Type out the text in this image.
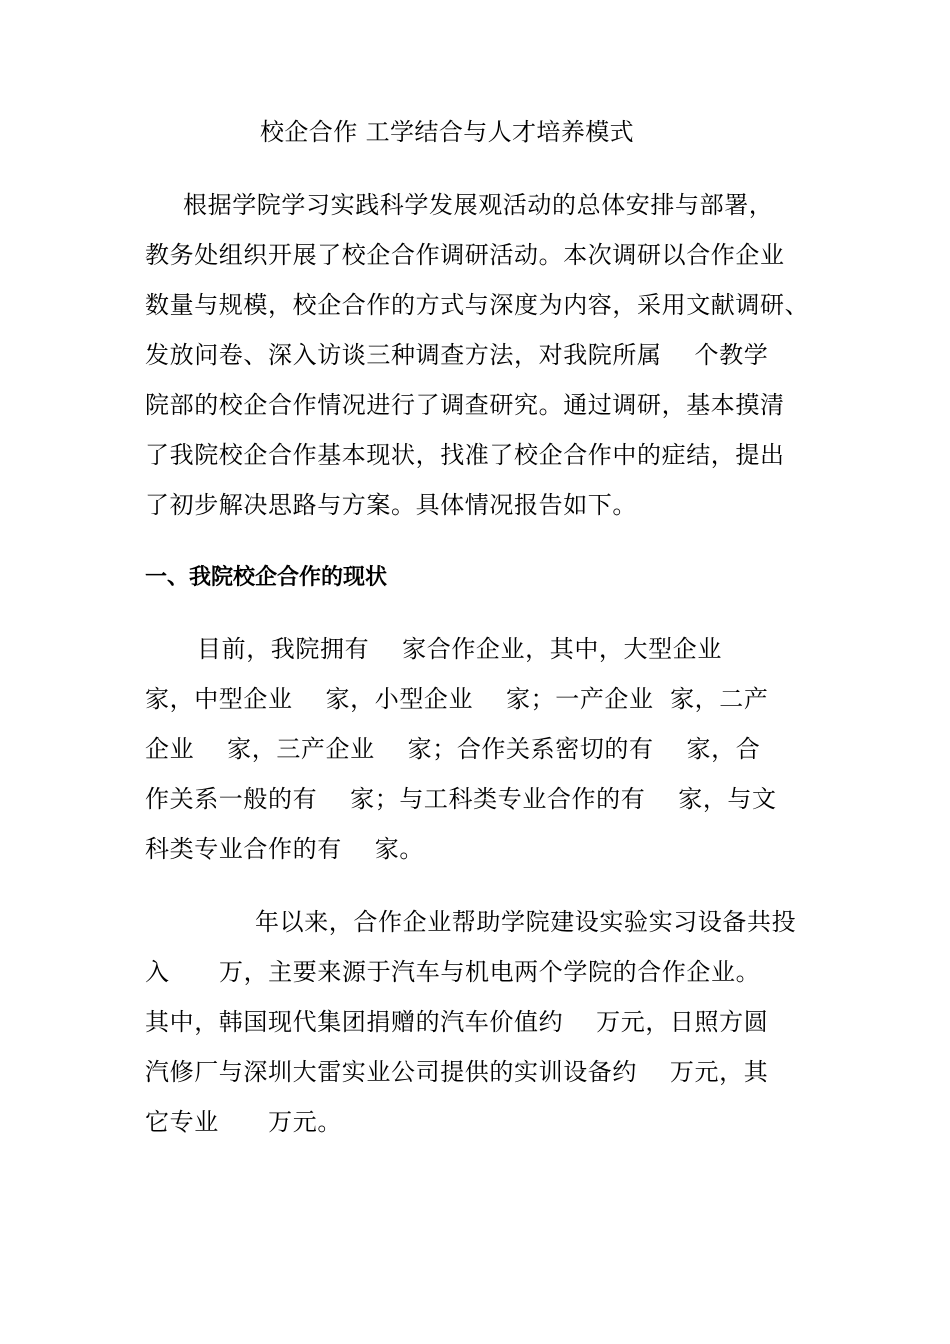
校企合作 工学结合与人才培养模式
根据学院学习实践科学发展观活动的总体安排与部署，
教务处组织开展了校企合作调研活动。本次调研以合作企业
数量与规模，校企合作的方式与深度为内容，采用文献调研、
发放问卷、深入访谈三种调查方法，对我院所属    个教学
院部的校企合作情况进行了调查研究。通过调研，基本摸清
了我院校企合作基本现状，找准了校企合作中的症结，提出
了初步解决思路与方案。具体情况报告如下。
一、我院校企合作的现状
目前，我院拥有    家合作企业，其中，大型企业
家，中型企业    家，小型企业    家；一产企业  家，二产
企业    家，三产企业    家；合作关系密切的有    家，合
作关系一般的有    家；与工科类专业合作的有    家，与文
科类专业合作的有    家。
年以来，合作企业帮助学院建设实验实习设备共投
入      万，主要来源于汽车与机电两个学院的合作企业。
其中，韩国现代集团捐赠的汽车价值约    万元，日照方圆
汽修厂与深圳大雷实业公司提供的实训设备约    万元，其
它专业      万元。
